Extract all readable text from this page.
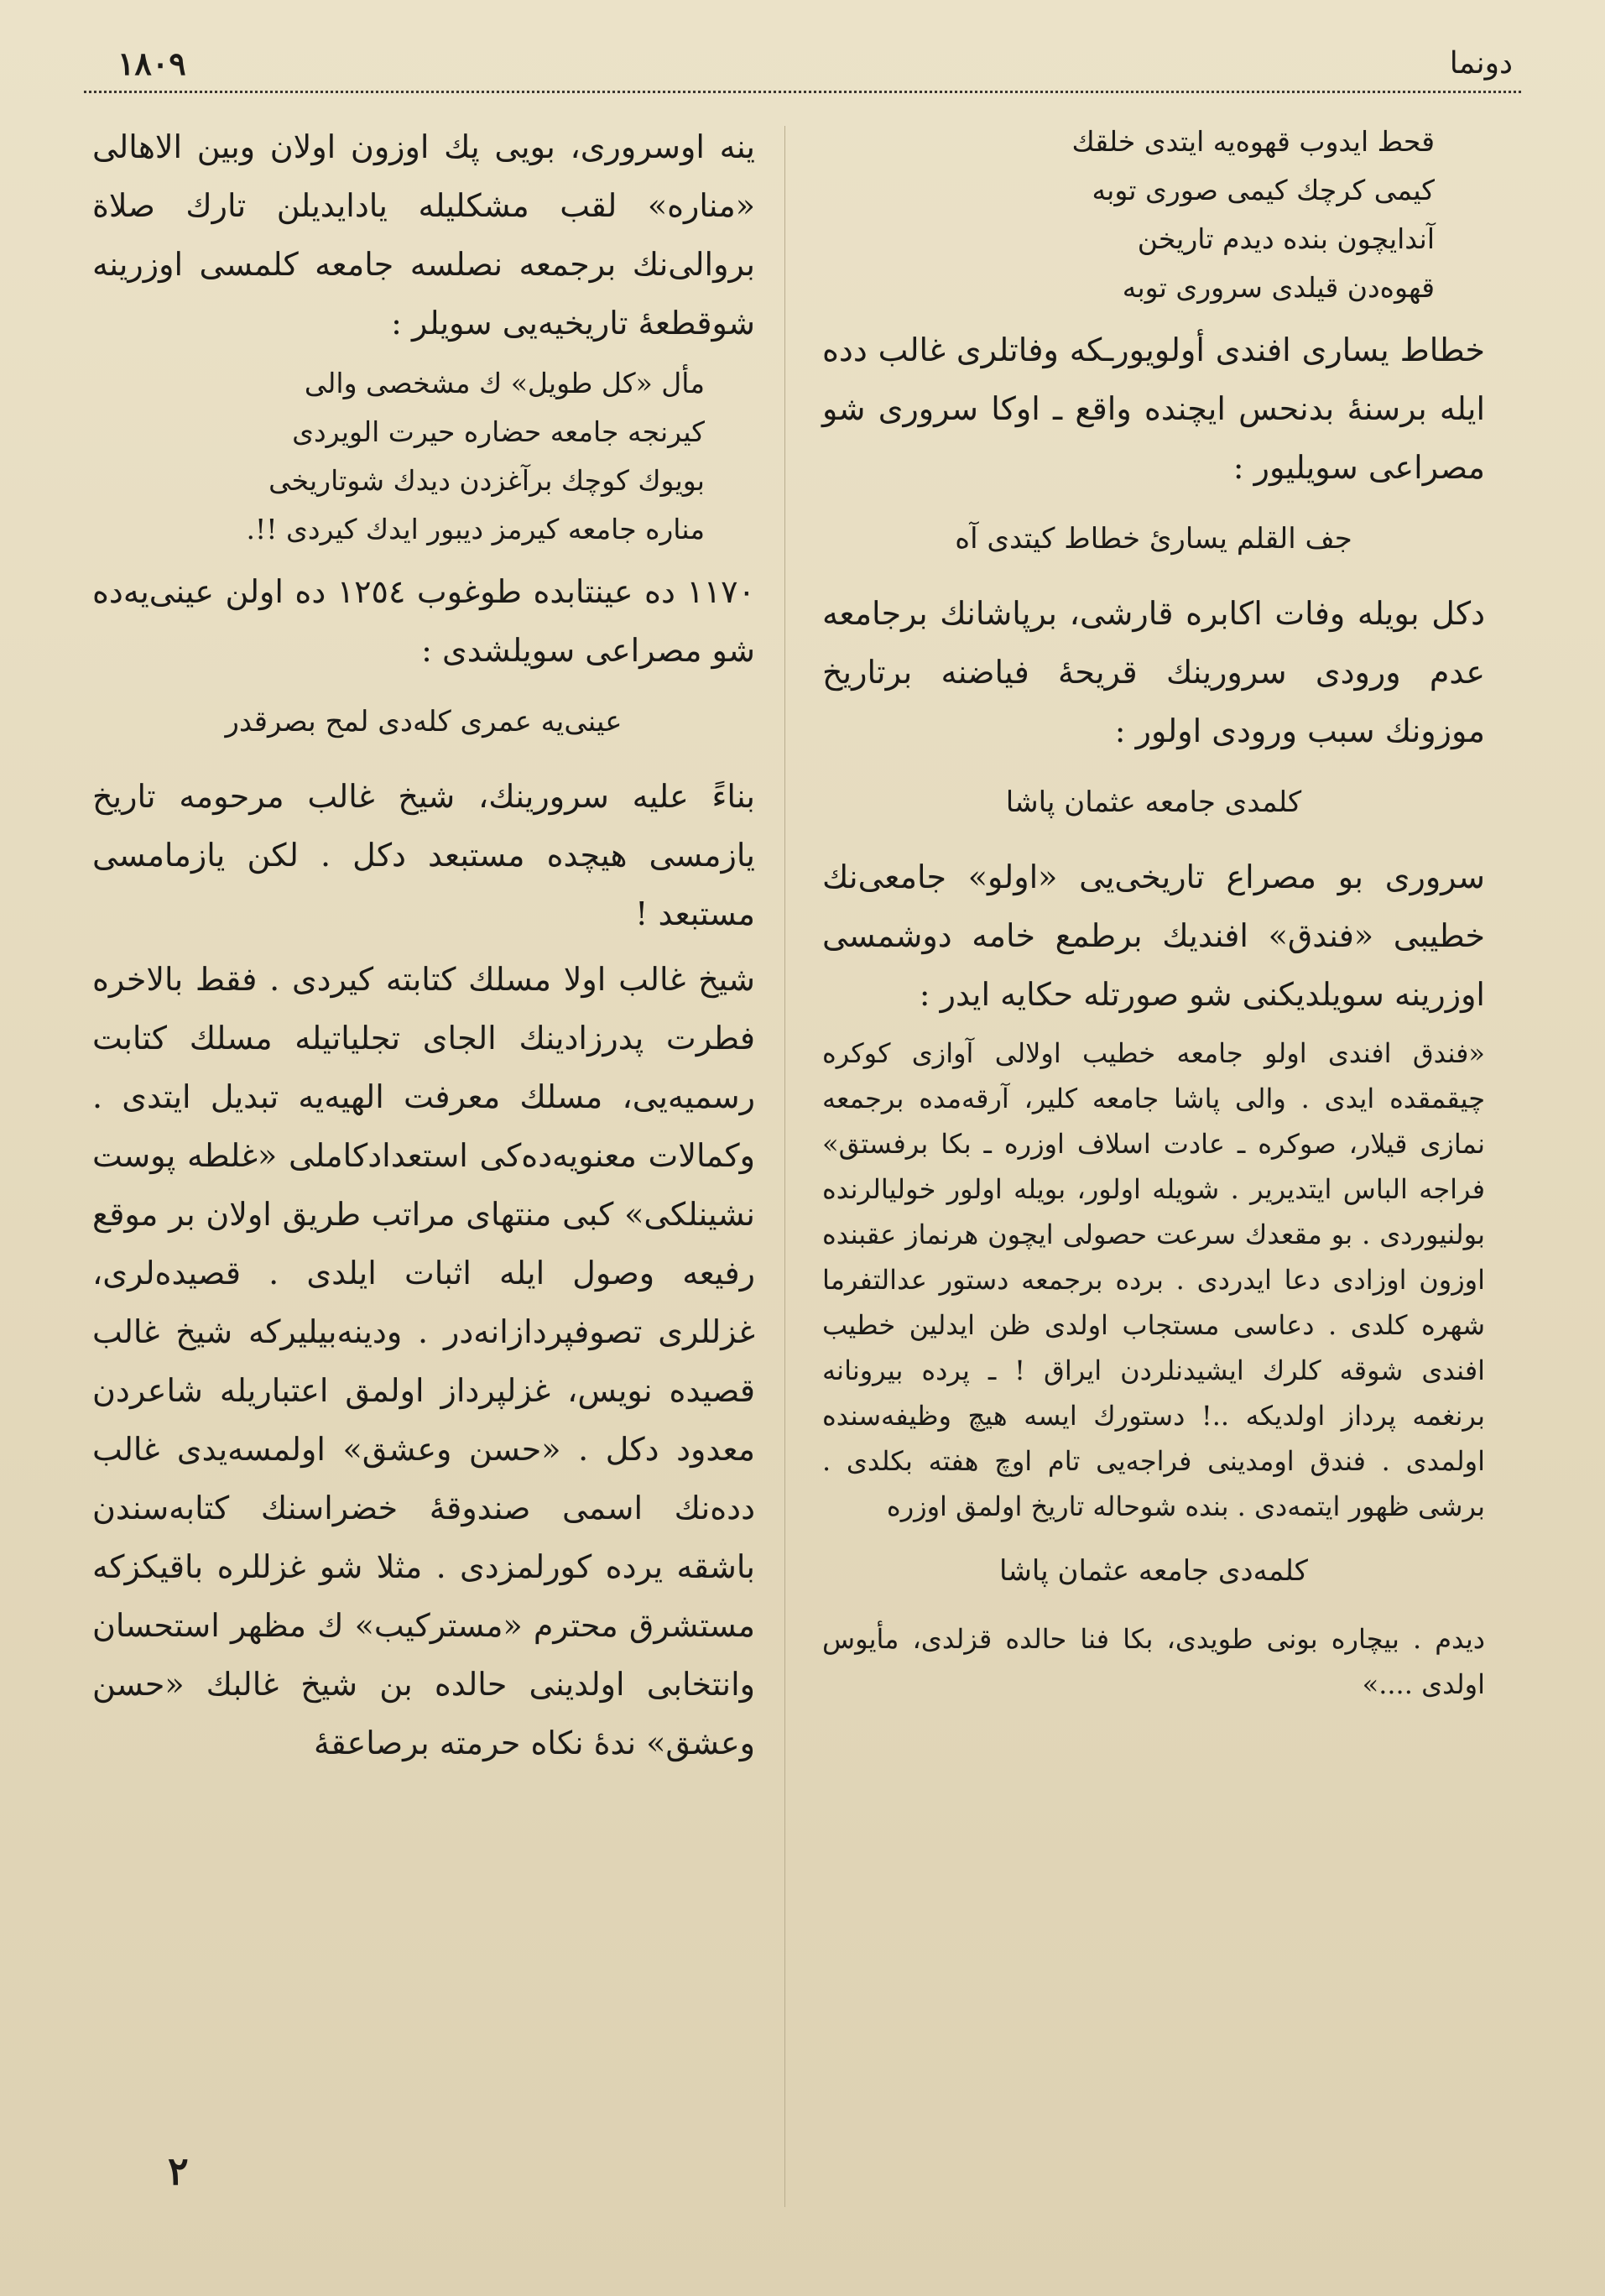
دونما
١٨٠٩
قحط ايدوب قهوه‌يه ايتدى خلقك
كيمى كرچك كيمى صورى توبه
آندايچون بنده ديدم تاريخن
قهوه‌دن قيلدى سرورى توبه

خطاط يسارى افندى أولويورـكه وفاتلرى غالب دده ايله برسنهٔ بدنحس ايچنده واقع ـ اوكا سرورى شو مصراعى سويليور :

جف القلم يسارىٔ خطاط كيتدى آه

دكل بويله وفات اكابره قارشى، برپاشانك برجامعه عدم ورودى سرورينك قريحهٔ فياضنه برتاريخ موزونك سبب ورودى اولور :

كلمدى جامعه عثمان پاشا

سرورى بو مصراع تاريخى‌يى «اولو» جامعى‌نك خطيبى «فندق» افنديك برطمع خامه دوشمسى اوزرينه سويلديكنى شو صورتله حكايه ايدر :

«فندق افندى اولو جامعه خطيب اولالى آوازى كوكره چيقمقده ايدى . والى پاشا جامعه كلير، آرقه‌مده برجمعه نمازى قيلار، صوكره ـ عادت اسلاف اوزره ـ بكا برفستق» فراجه الباس ايتديرير . شويله اولور، بويله اولور خوليالرنده بولنيوردى . بو مقعدك سرعت حصولى ايچون هرنماز عقبنده اوزون اوزادى دعا ايدردى . برده برجمعه دستور عدالتفرما شهره كلدى . دعاسى مستجاب اولدى ظن ايدلين خطيب افندى شوقه كلرك ايشيدنلردن ايراق ! ـ پرده بيرونانه برنغمه پرداز اولديكه ..! دستورك ايسه هيچ وظيفه‌سنده اولمدى . فندق اومدينى فراجه‌يى تام اوچ هفته بكلدى . برشى ظهور ايتمه‌دى . بنده شوحاله تاريخ اولمق اوزره

كلمه‌دى جامعه عثمان پاشا

ديدم . بيچاره بونى طويدى، بكا فنا حالده قزلدى، مأيوس اولدى ....»

ينه اوسرورى، بويى پك اوزون اولان وبين الاهالى «مناره» لقب مشكليله يادايديلن تارك صلاة بروالى‌نك برجمعه نصلسه جامعه كلمسى اوزرينه شوقطعهٔ تاريخيه‌يى سويلر :

مأل «كل طويل» ك مشخصى والى
كيرنجه جامعه حضاره حيرت الويردى
بويوك كوچك برآغزدن ديدك شوتاريخى
مناره جامعه كيرمز ديبور ايدك كيردى !!.

١١٧٠ ده عينتابده طوغوب ١٢٥٤ ده اولن عينى‌يه‌ده شو مصراعى سويلشدى :

عينى‌يه عمرى كله‌دى لمح بصرقدر

بناءً عليه سرورينك، شيخ غالب مرحومه تاريخ يازمسى هيچده مستبعد دكل . لكن يازمامسى مستبعد !

شيخ غالب اولا مسلك كتابته كيردى . فقط بالاخره فطرت پدرزادينك الجاى تجلياتيله مسلك كتابت رسميه‌يى، مسلك معرفت الهيه‌يه تبديل ايتدى . وكمالات معنويه‌ده‌كى استعدادكاملى «غلطه پوست نشينلكى» كبى منتهاى مراتب طريق اولان بر موقع رفيعه وصول ايله اثبات ايلدى . قصيده‌لرى، غزللرى تصوفپردازانه‌در . ودينه‌بيليركه شيخ غالب قصيده نويس، غزلپرداز اولمق اعتباريله شاعردن معدود دكل . «حسن وعشق» اولمسه‌يدى غالب دده‌نك اسمى صندوقهٔ خضراسنك كتابه‌سندن باشقه يرده كورلمزدى . مثلا شو غزللره باقيكزكه مستشرق محترم «مستركيب» ك مظهر استحسان وانتخابى اولدينى حالده بن شيخ غالبك «حسن وعشق» ندهٔ نكاه حرمته برصاعقهٔ

٢
